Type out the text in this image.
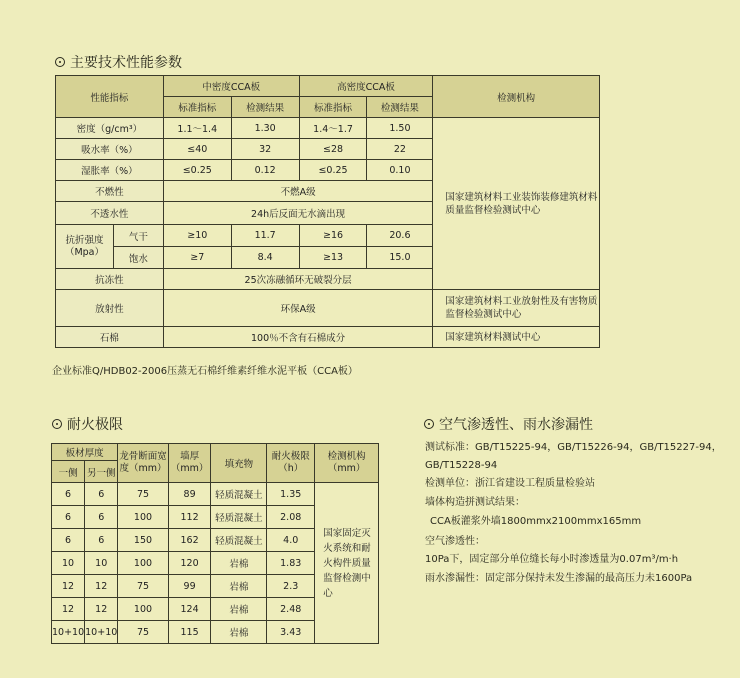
主要技术性能参数
性能指标		中密度CCA板		高密度CCA板		检测机构
		标准指标	检测结果	标准指标	检测结果	
密度（g/cm³）		1.1～1.4	1.30	1.4～1.7	1.50	国家建筑材料工业装饰装修建筑材料质量监督检验测试中心
吸水率（%）		≤40	32	≤28	22	
湿胀率（%）		≤0.25	0.12	≤0.25	0.10	
不燃性		不燃A级				
不透水性		24h后反面无水滴出现				
抗折强度（Mpa）	气干	≥10	11.7	≥16	20.6	
	饱水	≥7	8.4	≥13	15.0	
抗冻性		25次冻融循环无破裂分层				
放射性		环保A级				国家建筑材料工业放射性及有害物质监督检验测试中心
石棉		100％不含有石棉成分				国家建筑材料测试中心
企业标准Q/HDB02-2006压蒸无石棉纤维素纤维水泥平板（CCA板）
耐火极限
板材厚度		龙骨断面宽度（mm）	墙厚（mm）	填充物	耐火极限（h）	检测机构（mm）
一侧	另一侧					
6	6	75	89	轻质混凝土	1.35	国家固定灭火系统和耐火构件质量监督检测中心
6	6	100	112	轻质混凝土	2.08	
6	6	150	162	轻质混凝土	4.0	
10	10	100	120	岩棉	1.83	
12	12	75	99	岩棉	2.3	
12	12	100	124	岩棉	2.48	
10+10	10+10	75	115	岩棉	3.43	
空气渗透性、雨水渗漏性
测试标准：GB/T15225-94，GB/T15226-94，GB/T15227-94，
GB/T15228-94
检测单位：浙江省建设工程质量检验站
墙体构造拼测试结果：
CCA板灌浆外墙1800mmx2100mmx165mm
空气渗透性：
10Pa下，固定部分单位缝长每小时渗透量为0.07m³/m·h
雨水渗漏性：固定部分保持未发生渗漏的最高压力未1600Pa
